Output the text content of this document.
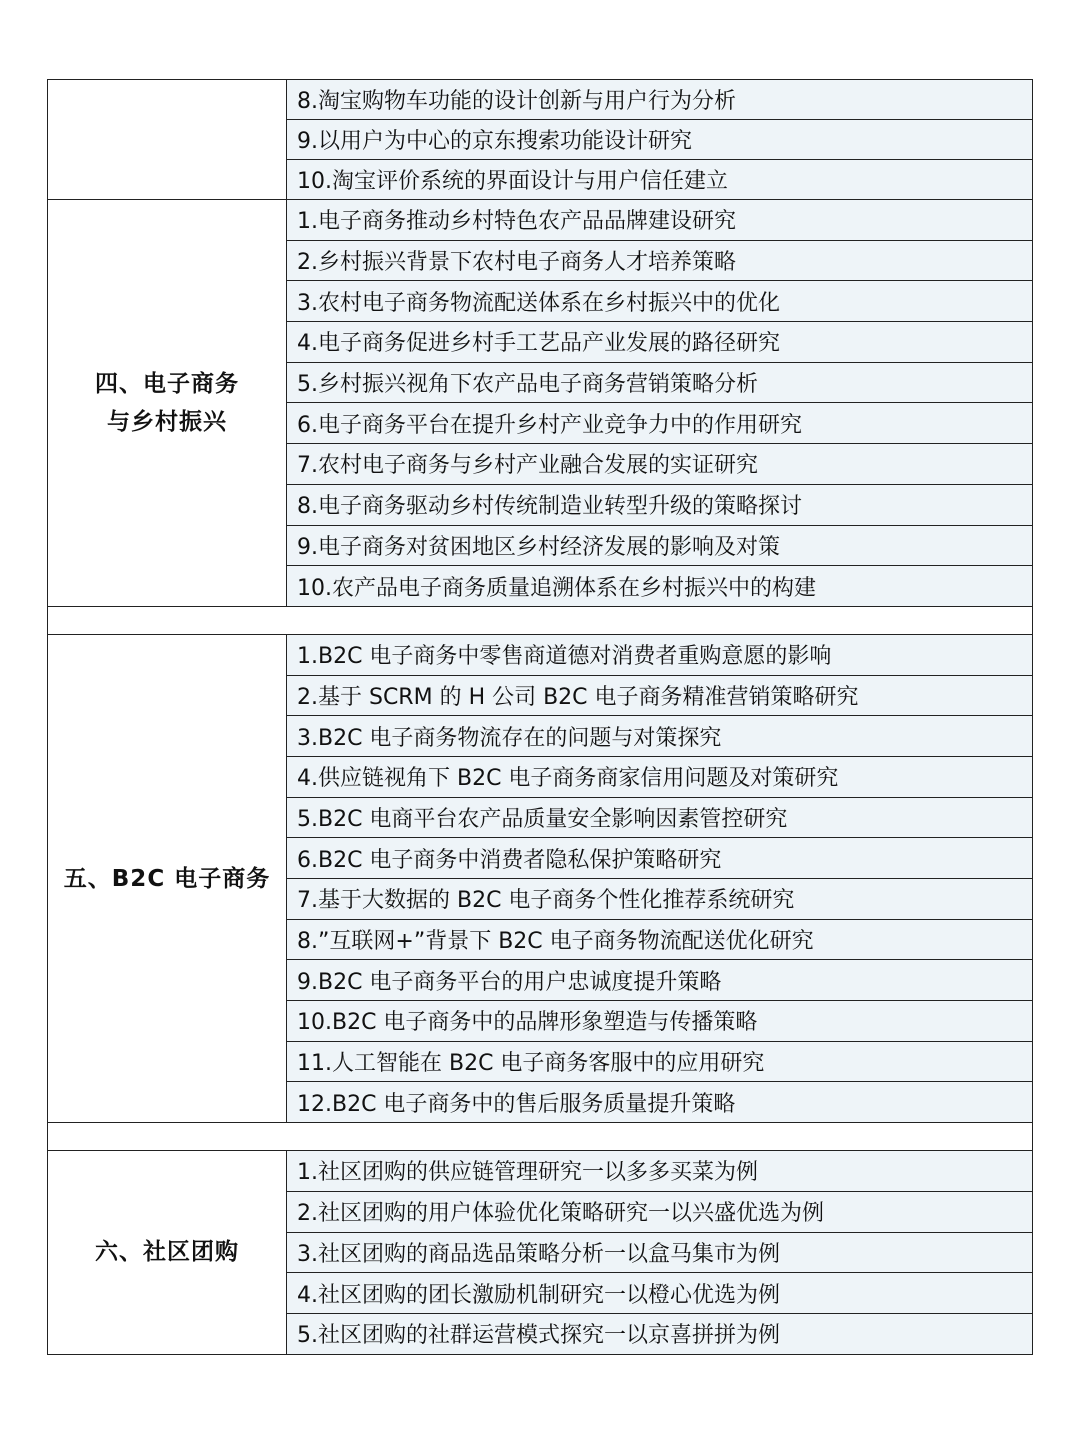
	8.淘宝购物车功能的设计创新与用户行为分析
	9.以用户为中心的京东搜索功能设计研究
	10.淘宝评价系统的界面设计与用户信任建立

四、电子商务
与乡村振兴	1.电子商务推动乡村特色农产品品牌建设研究
	2.乡村振兴背景下农村电子商务人才培养策略
	3.农村电子商务物流配送体系在乡村振兴中的优化
	4.电子商务促进乡村手工艺品产业发展的路径研究
	5.乡村振兴视角下农产品电子商务营销策略分析
	6.电子商务平台在提升乡村产业竞争力中的作用研究
	7.农村电子商务与乡村产业融合发展的实证研究
	8.电子商务驱动乡村传统制造业转型升级的策略探讨
	9.电子商务对贫困地区乡村经济发展的影响及对策
	10.农产品电子商务质量追溯体系在乡村振兴中的构建

五、B2C 电子商务	1.B2C 电子商务中零售商道德对消费者重购意愿的影响
	2.基于 SCRM 的 H 公司 B2C 电子商务精准营销策略研究
	3.B2C 电子商务物流存在的问题与对策探究
	4.供应链视角下 B2C 电子商务商家信用问题及对策研究
	5.B2C 电商平台农产品质量安全影响因素管控研究
	6.B2C 电子商务中消费者隐私保护策略研究
	7.基于大数据的 B2C 电子商务个性化推荐系统研究
	8.”互联网+”背景下 B2C 电子商务物流配送优化研究
	9.B2C 电子商务平台的用户忠诚度提升策略
	10.B2C 电子商务中的品牌形象塑造与传播策略
	11.人工智能在 B2C 电子商务客服中的应用研究
	12.B2C 电子商务中的售后服务质量提升策略

六、社区团购	1.社区团购的供应链管理研究一以多多买菜为例
	2.社区团购的用户体验优化策略研究一以兴盛优选为例
	3.社区团购的商品选品策略分析一以盒马集市为例
	4.社区团购的团长激励机制研究一以橙心优选为例
	5.社区团购的社群运营模式探究一以京喜拼拼为例
